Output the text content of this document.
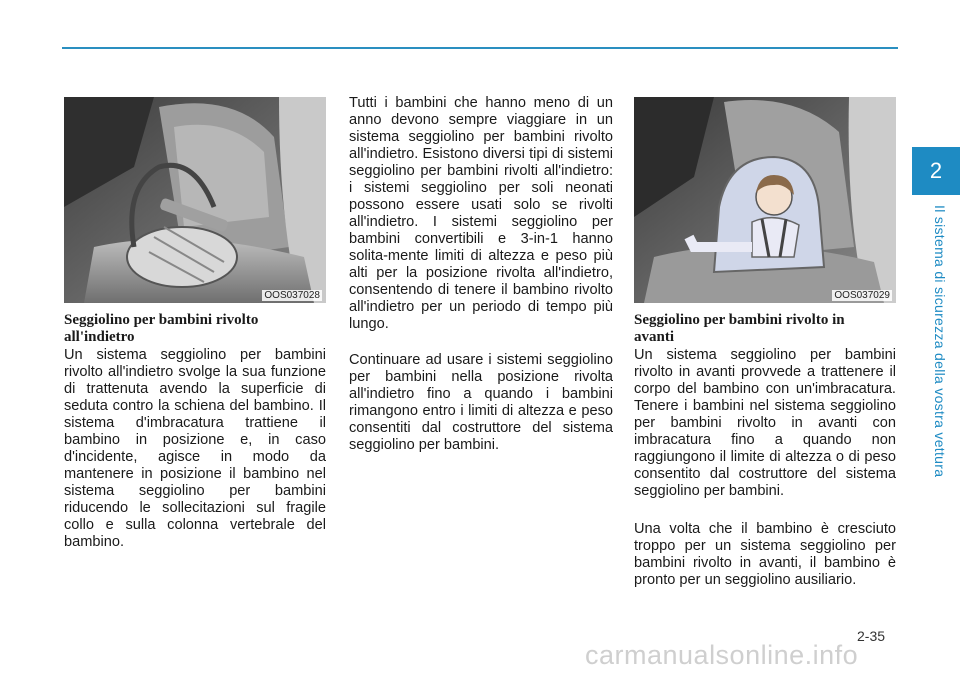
2
Il sistema di sicurezza della vostra vettura
OOS037028	OOS037029
Seggiolino per bambini rivolto all'indietro

Un sistema seggiolino per bambini rivolto all'indietro svolge la sua funzione di trattenuta avendo la superficie di seduta contro la schiena del bambino. Il sistema d'imbracatura trattiene il bambino in posizione e, in caso d'incidente, agisce in modo da mantenere in posizione il bambino nel sistema seggiolino per bambini riducendo le sollecitazioni sul fragile collo e sulla colonna vertebrale del bambino.

Tutti i bambini che hanno meno di un anno devono sempre viaggiare in un sistema seggiolino per bambini rivolto all'indietro. Esistono diversi tipi di sistemi seggiolino per bambini rivolti all'indietro: i sistemi seggiolino per soli neonati possono essere usati solo se rivolti all'indietro. I sistemi seggiolino per bambini convertibili e 3-in-1 hanno solita-mente limiti di altezza e peso più alti per la posizione rivolta all'indietro, consentendo di tenere il bambino rivolto all'indietro per un periodo di tempo più lungo.

Continuare ad usare i sistemi seggiolino per bambini nella posizione rivolta all'indietro fino a quando i bambini rimangono entro i limiti di altezza e peso consentiti dal costruttore del sistema seggiolino per bambini.

Seggiolino per bambini rivolto in avanti

Un sistema seggiolino per bambini rivolto in avanti provvede a trattenere il corpo del bambino con un'imbracatura. Tenere i bambini nel sistema seggiolino per bambini rivolto in avanti con imbracatura fino a quando non raggiungono il limite di altezza o di peso consentito dal costruttore del sistema seggiolino per bambini.

Una volta che il bambino è cresciuto troppo per un sistema seggiolino per bambini rivolto in avanti, il bambino è pronto per un seggiolino ausiliario.

2-35
carmanualsonline.info
